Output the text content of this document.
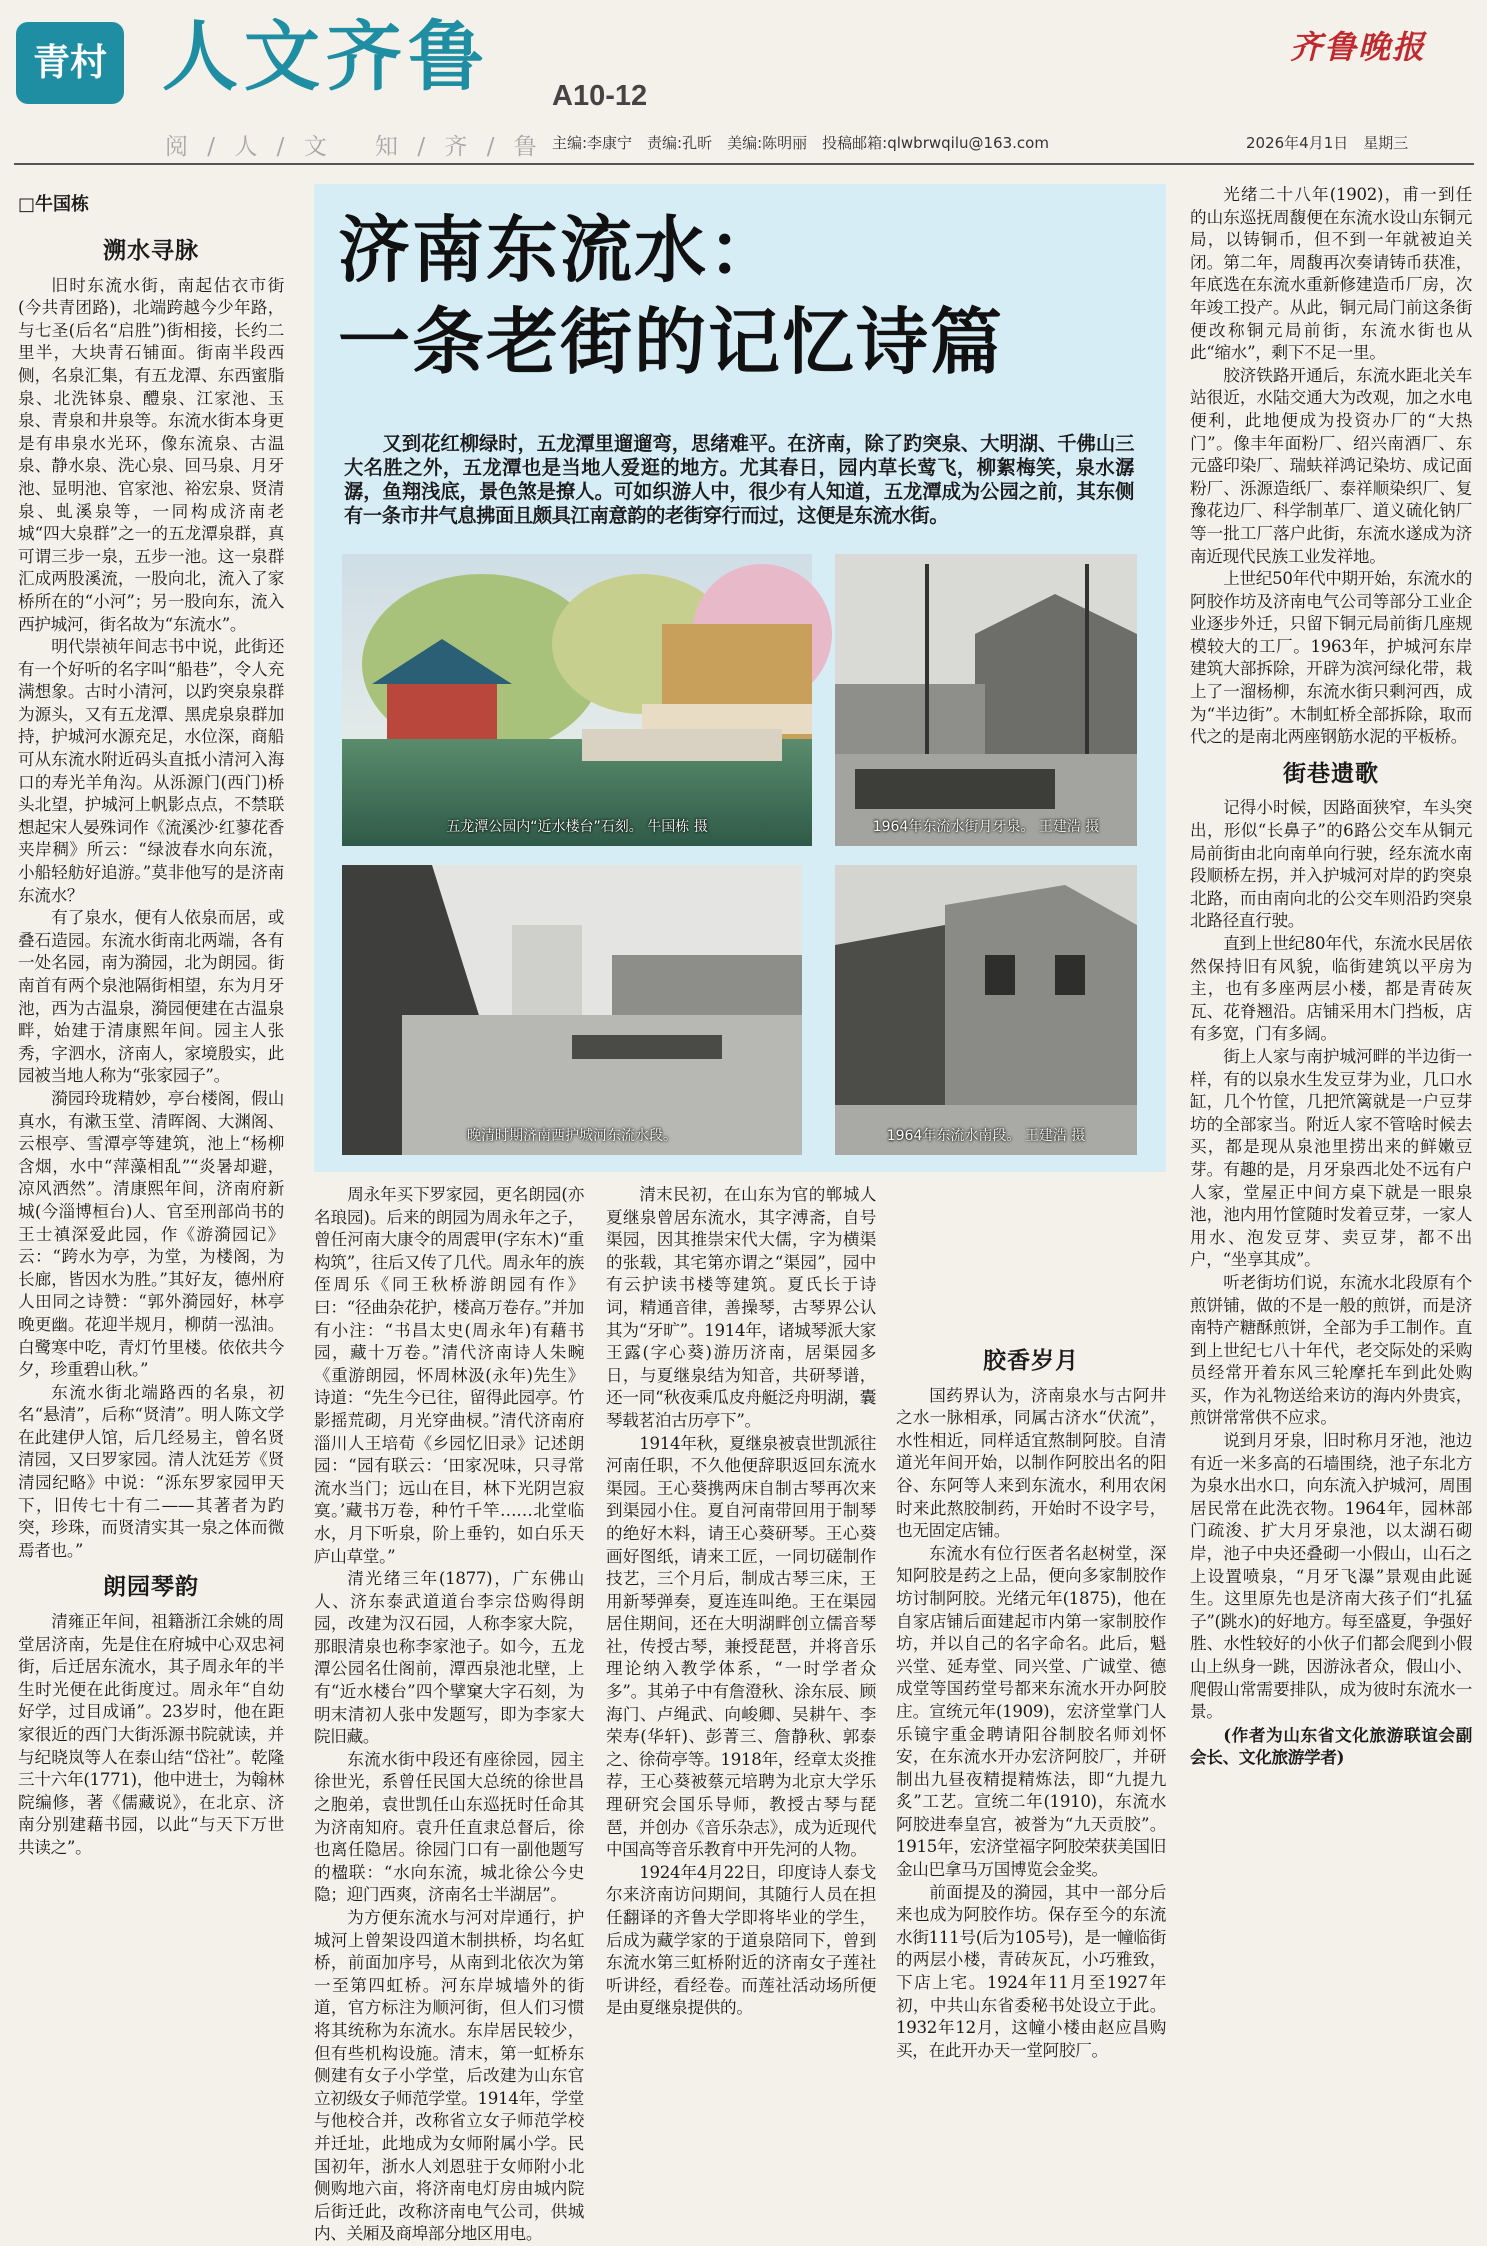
青村 人文齐鲁 A10-12
齐鲁晚报
阅 / 人 / 文　 知 / 齐 / 鲁 主编:李康宁　责编:孔昕　美编:陈明丽　投稿邮箱:qlwbrwqilu@163.com	2026年4月1日　星期三
济南东流水：
一条老街的记忆诗篇
又到花红柳绿时，五龙潭里遛遛弯，思绪难平。在济南，除了趵突泉、大明湖、千佛山三大名胜之外，五龙潭也是当地人爱逛的地方。尤其春日，园内草长莺飞，柳絮梅笑，泉水潺潺，鱼翔浅底，景色煞是撩人。可如织游人中，很少有人知道，五龙潭成为公园之前，其东侧有一条市井气息拂面且颇具江南意韵的老街穿行而过，这便是东流水街。
五龙潭公园内“近水楼台”石刻。 牛国栋 摄	1964年东流水街月牙泉。 王建浩 摄
晚清时期济南西护城河东流水段。	1964年东流水南段。 王建浩 摄
□牛国栋
溯水寻脉

旧时东流水街，南起估衣市街(今共青团路)，北端跨越今少年路，与七圣(后名“启胜”)街相接，长约二里半，大块青石铺面。街南半段西侧，名泉汇集，有五龙潭、东西蜜脂泉、北洗钵泉、醴泉、江家池、玉泉、青泉和井泉等。东流水街本身更是有串泉水光环，像东流泉、古温泉、静水泉、洗心泉、回马泉、月牙池、显明池、官家池、裕宏泉、贤清泉、虬溪泉等，一同构成济南老城“四大泉群”之一的五龙潭泉群，真可谓三步一泉，五步一池。这一泉群汇成两股溪流，一股向北，流入了家桥所在的“小河”；另一股向东，流入西护城河，街名故为“东流水”。

明代崇祯年间志书中说，此街还有一个好听的名字叫“船巷”，令人充满想象。古时小清河，以趵突泉泉群为源头，又有五龙潭、黑虎泉泉群加持，护城河水源充足，水位深，商船可从东流水附近码头直抵小清河入海口的寿光羊角沟。从泺源门(西门)桥头北望，护城河上帆影点点，不禁联想起宋人晏殊词作《流溪沙·红蓼花香夹岸稠》所云：“绿波春水向东流，小船轻舫好追游。”莫非他写的是济南东流水？

有了泉水，便有人依泉而居，或叠石造园。东流水街南北两端，各有一处名园，南为漪园，北为朗园。街南首有两个泉池隔街相望，东为月牙池，西为古温泉，漪园便建在古温泉畔，始建于清康熙年间。园主人张秀，字泗水，济南人，家境殷实，此园被当地人称为“张家园子”。

漪园玲珑精妙，亭台楼阁，假山真水，有漱玉堂、清晖阁、大渊阁、云根亭、雪潭亭等建筑，池上“杨柳含烟，水中“萍藻相乱”“炎暑却避，凉风洒然”。清康熙年间，济南府新城(今淄博桓台)人、官至刑部尚书的王士禛深爱此园，作《游漪园记》云：“跨水为亭，为堂，为楼阁，为长廊，皆因水为胜。”其好友，德州府人田同之诗赞：“郭外漪园好，林亭晚更幽。花迎半规月，柳荫一泓油。白鹭寒中吃，青灯竹里楼。依依共今夕，珍重碧山秋。”

东流水街北端路西的名泉，初名“悬清”，后称“贤清”。明人陈文学在此建伊人馆，后几经易主，曾名贤清园，又曰罗家园。清人沈廷芳《贤清园纪略》中说：“泺东罗家园甲天下，旧传七十有二——其著者为趵突，珍珠，而贤清实其一泉之体而微焉者也。”

朗园琴韵

清雍正年间，祖籍浙江余姚的周堂居济南，先是住在府城中心双忠祠街，后迁居东流水，其子周永年的半生时光便在此街度过。周永年“自幼好学，过目成诵”。23岁时，他在距家很近的西门大街泺源书院就读，并与纪晓岚等人在泰山结“岱社”。乾隆三十六年(1771)，他中进士，为翰林院编修，著《儒藏说》，在北京、济南分别建藉书园，以此“与天下万世共读之”。

周永年买下罗家园，更名朗园(亦名琅园)。后来的朗园为周永年之子，曾任河南大康令的周震甲(字东木)“重构筑”，往后又传了几代。周永年的族侄周乐《同王秋桥游朗园有作》曰：“径曲杂花护，楼高万卷存。”并加有小注：“书昌太史(周永年)有藉书园，藏十万卷。”清代济南诗人朱畹《重游朗园，怀周林汲(永年)先生》诗道：“先生今已往，留得此园亭。竹影摇荒砌，月光穿曲棂。”清代济南府淄川人王培荀《乡园忆旧录》记述朗园：“园有联云：‘田家况味，只寻常流水当门；远山在目，林下光阴岂寂寞。’藏书万卷，种竹千竿……北堂临水，月下听泉，阶上垂钓，如白乐天庐山草堂。”

清光绪三年(1877)，广东佛山人、济东泰武道道台李宗岱购得朗园，改建为汉石园，人称李家大院，那眼清泉也称李家池子。如今，五龙潭公园名仕阁前，潭西泉池北壁，上有“近水楼台”四个擘窠大字石刻，为明末清初人张中发题写，即为李家大院旧藏。

东流水街中段还有座徐园，园主徐世光，系曾任民国大总统的徐世昌之胞弟，袁世凯任山东巡抚时任命其为济南知府。袁升任直隶总督后，徐也离任隐居。徐园门口有一副他题写的楹联：“水向东流，城北徐公今史隐；迎门西爽，济南名士半湖居”。

为方便东流水与河对岸通行，护城河上曾架设四道木制拱桥，均名虹桥，前面加序号，从南到北依次为第一至第四虹桥。河东岸城墙外的街道，官方标注为顺河街，但人们习惯将其统称为东流水。东岸居民较少，但有些机构设施。清末，第一虹桥东侧建有女子小学堂，后改建为山东官立初级女子师范学堂。1914年，学堂与他校合并，改称省立女子师范学校并迁址，此地成为女师附属小学。民国初年，浙水人刘恩驻于女师附小北侧购地六亩，将济南电灯房由城内院后街迁此，改称济南电气公司，供城内、关厢及商埠部分地区用电。

清末民初，在山东为官的郸城人夏继泉曾居东流水，其字溥斋，自号渠园，因其推崇宋代大儒，字为横渠的张载，其宅第亦谓之“渠园”，园中有云护读书楼等建筑。夏氏长于诗词，精通音律，善操琴，古琴界公认其为“牙旷”。1914年，诸城琴派大家王露(字心葵)游历济南，居渠园多日，与夏继泉结为知音，共研琴谱，还一同“秋夜乘瓜皮舟艇泛舟明湖，囊琴载茗泊古历亭下”。

1914年秋，夏继泉被袁世凯派往河南任职，不久他便辞职返回东流水渠园。王心葵携两床自制古琴再次来到渠园小住。夏自河南带回用于制琴的绝好木料，请王心葵研琴。王心葵画好图纸，请来工匠，一同切磋制作技艺，三个月后，制成古琴三床，王用新琴弹奏，夏连连叫绝。王在渠园居住期间，还在大明湖畔创立儒音琴社，传授古琴，兼授琵琶，并将音乐理论纳入教学体系，“一时学者众多”。其弟子中有詹澄秋、涂东辰、顾海门、卢绳武、向峻卿、吴耕午、李荣寿(华轩)、彭菁三、詹静秋、郭泰之、徐荷亭等。1918年，经章太炎推荐，王心葵被蔡元培聘为北京大学乐理研究会国乐导师，教授古琴与琵琶，并创办《音乐杂志》，成为近现代中国高等音乐教育中开先河的人物。

1924年4月22日，印度诗人泰戈尔来济南访问期间，其随行人员在担任翻译的齐鲁大学即将毕业的学生，后成为藏学家的于道泉陪同下，曾到东流水第三虹桥附近的济南女子莲社听讲经，看经卷。而莲社活动场所便是由夏继泉提供的。

胶香岁月

国药界认为，济南泉水与古阿井之水一脉相承，同属古济水“伏流”，水性相近，同样适宜熬制阿胶。自清道光年间开始，以制作阿胶出名的阳谷、东阿等人来到东流水，利用农闲时来此熬胶制药，开始时不设字号，也无固定店铺。

东流水有位行医者名赵树堂，深知阿胶是药之上品，便向多家制胶作坊讨制阿胶。光绪元年(1875)，他在自家店铺后面建起市内第一家制胶作坊，并以自己的名字命名。此后，魁兴堂、延寿堂、同兴堂、广诚堂、德成堂等国药堂号都来东流水开办阿胶庄。宣统元年(1909)，宏济堂掌门人乐镜宇重金聘请阳谷制胶名师刘怀安，在东流水开办宏济阿胶厂，并研制出九昼夜精提精炼法，即“九提九炙”工艺。宣统二年(1910)，东流水阿胶进奉皇宫，被誉为“九天贡胶”。1915年，宏济堂福字阿胶荣获美国旧金山巴拿马万国博览会金奖。

前面提及的漪园，其中一部分后来也成为阿胶作坊。保存至今的东流水街111号(后为105号)，是一幢临街的两层小楼，青砖灰瓦，小巧雅致，下店上宅。1924年11月至1927年初，中共山东省委秘书处设立于此。1932年12月，这幢小楼由赵应昌购买，在此开办天一堂阿胶厂。

光绪二十八年(1902)，甫一到任的山东巡抚周馥便在东流水设山东铜元局，以铸铜币，但不到一年就被迫关闭。第二年，周馥再次奏请铸币获准，年底选在东流水重新修建造币厂房，次年竣工投产。从此，铜元局门前这条街便改称铜元局前街，东流水街也从此“缩水”，剩下不足一里。

胶济铁路开通后，东流水距北关车站很近，水陆交通大为改观，加之水电便利，此地便成为投资办厂的“大热门”。像丰年面粉厂、绍兴南酒厂、东元盛印染厂、瑞蚨祥鸿记染坊、成记面粉厂、泺源造纸厂、泰祥顺染织厂、复豫花边厂、科学制革厂、道义硫化钠厂等一批工厂落户此街，东流水遂成为济南近现代民族工业发祥地。

上世纪50年代中期开始，东流水的阿胶作坊及济南电气公司等部分工业企业逐步外迁，只留下铜元局前街几座规模较大的工厂。1963年，护城河东岸建筑大部拆除，开辟为滨河绿化带，栽上了一溜杨柳，东流水街只剩河西，成为“半边街”。木制虹桥全部拆除，取而代之的是南北两座钢筋水泥的平板桥。

街巷遗歌

记得小时候，因路面狭窄，车头突出，形似“长鼻子”的6路公交车从铜元局前街由北向南单向行驶，经东流水南段顺桥左拐，并入护城河对岸的趵突泉北路，而由南向北的公交车则沿趵突泉北路径直行驶。

直到上世纪80年代，东流水民居依然保持旧有风貌，临街建筑以平房为主，也有多座两层小楼，都是青砖灰瓦、花脊翘沿。店铺采用木门挡板，店有多宽，门有多阔。

街上人家与南护城河畔的半边街一样，有的以泉水生发豆芽为业，几口水缸，几个竹筐，几把笊篱就是一户豆芽坊的全部家当。附近人家不管啥时候去买，都是现从泉池里捞出来的鲜嫩豆芽。有趣的是，月牙泉西北处不远有户人家，堂屋正中间方桌下就是一眼泉池，池内用竹筐随时发着豆芽，一家人用水、泡发豆芽、卖豆芽，都不出户，“坐享其成”。

听老街坊们说，东流水北段原有个煎饼铺，做的不是一般的煎饼，而是济南特产糖酥煎饼，全部为手工制作。直到上世纪七八十年代，老交际处的采购员经常开着东风三轮摩托车到此处购买，作为礼物送给来访的海内外贵宾，煎饼常常供不应求。

说到月牙泉，旧时称月牙池，池边有近一米多高的石墙围绕，池子东北方为泉水出水口，向东流入护城河，周围居民常在此洗衣物。1964年，园林部门疏浚、扩大月牙泉池，以太湖石砌岸，池子中央还叠砌一小假山，山石之上设置喷泉，“月牙飞瀑”景观由此诞生。这里原先也是济南大孩子们“扎猛子”(跳水)的好地方。每至盛夏，争强好胜、水性较好的小伙子们都会爬到小假山上纵身一跳，因游泳者众，假山小、爬假山常需要排队，成为彼时东流水一景。

(作者为山东省文化旅游联谊会副会长、文化旅游学者)
